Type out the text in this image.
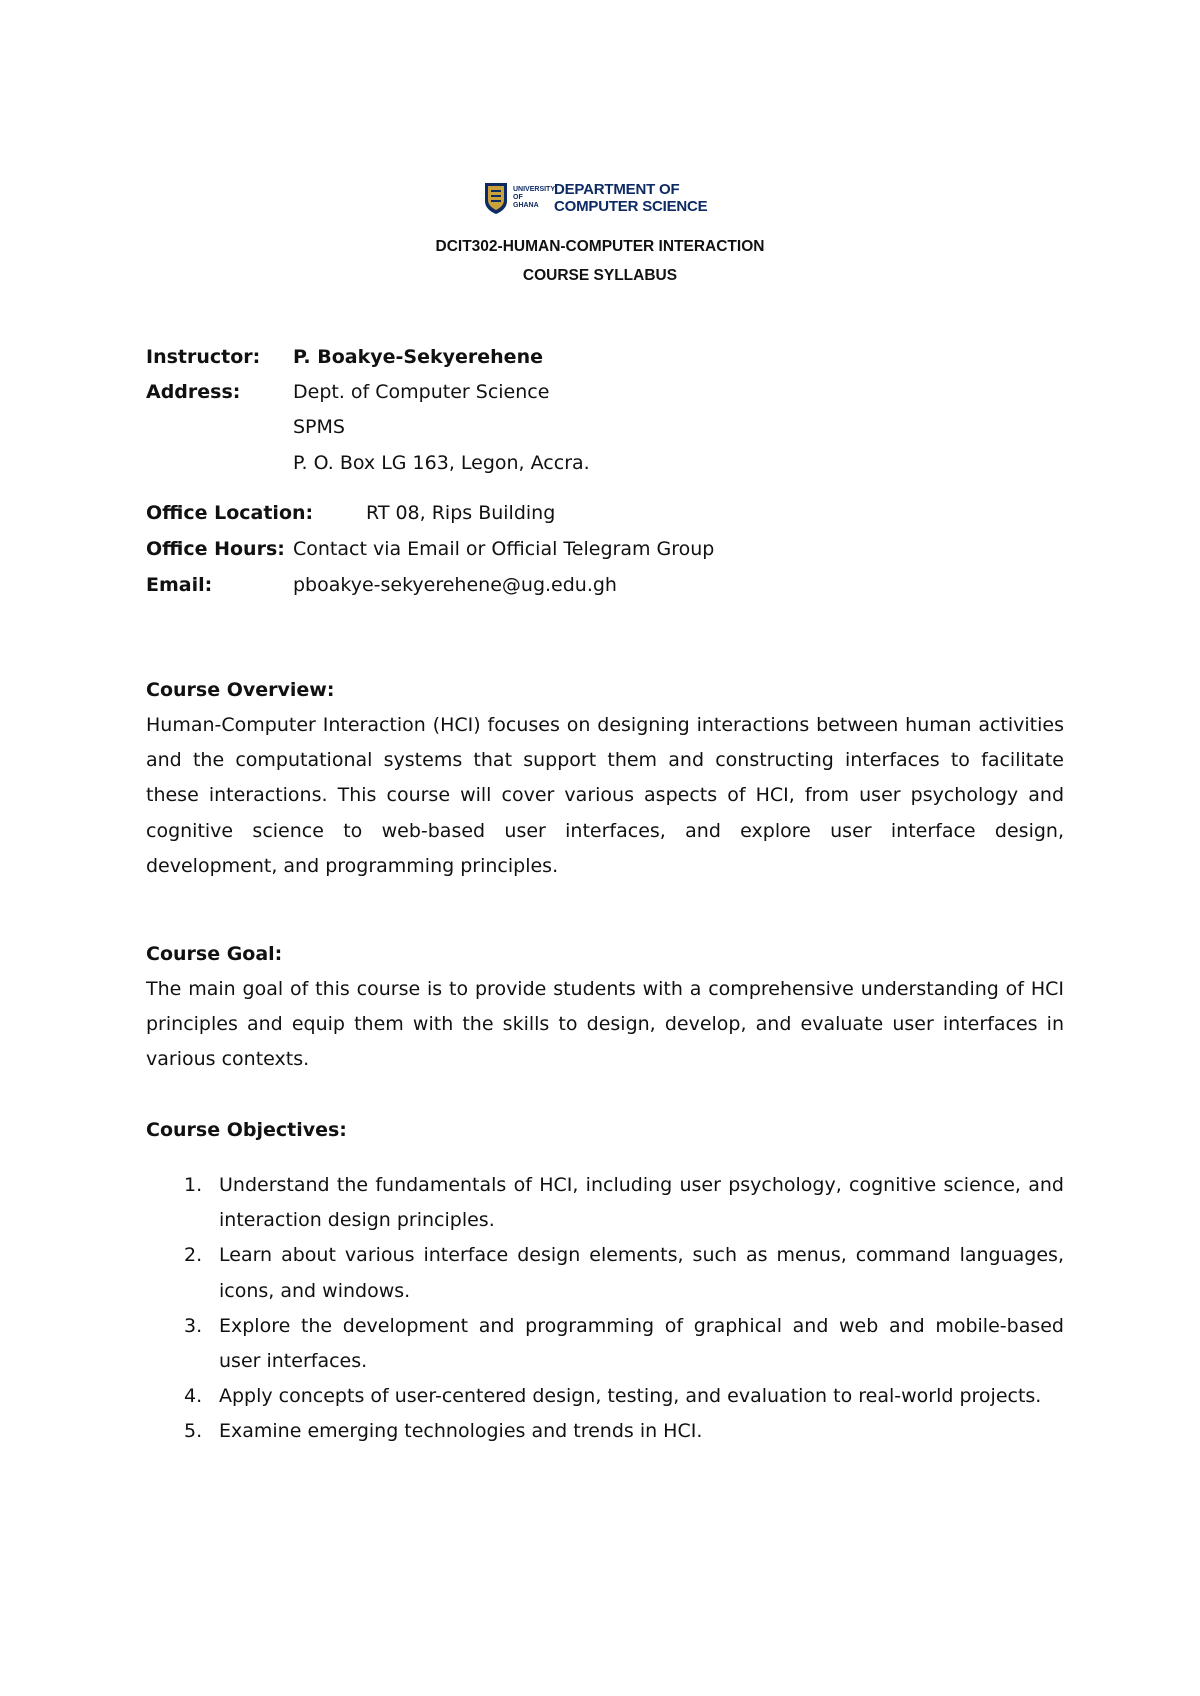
UNIVERSITY OF GHANA
DEPARTMENT OF
COMPUTER SCIENCE
DCIT302-HUMAN-COMPUTER INTERACTION
COURSE SYLLABUS
Instructor: P. Boakye-Sekyerehene
Address:	Dept. of Computer Science
SPMS
P. O. Box LG 163, Legon, Accra.
Office Location:	RT 08, Rips Building
Office Hours: Contact via Email or Official Telegram Group
Email:	pboakye-sekyerehene@ug.edu.gh
Course Overview:

Human-Computer Interaction (HCI) focuses on designing interactions between human activities and the computational systems that support them and constructing interfaces to facilitate these interactions. This course will cover various aspects of HCI, from user psychology and cognitive science to web-based user interfaces, and explore user interface design, development, and programming principles.

Course Goal:

The main goal of this course is to provide students with a comprehensive understanding of HCI principles and equip them with the skills to design, develop, and evaluate user interfaces in various contexts.

Course Objectives:
1. Understand the fundamentals of HCI, including user psychology, cognitive science, and interaction design principles.
2. Learn about various interface design elements, such as menus, command languages, icons, and windows.
3. Explore the development and programming of graphical and web and mobile-based user interfaces.
4. Apply concepts of user-centered design, testing, and evaluation to real-world projects.
5. Examine emerging technologies and trends in HCI.
